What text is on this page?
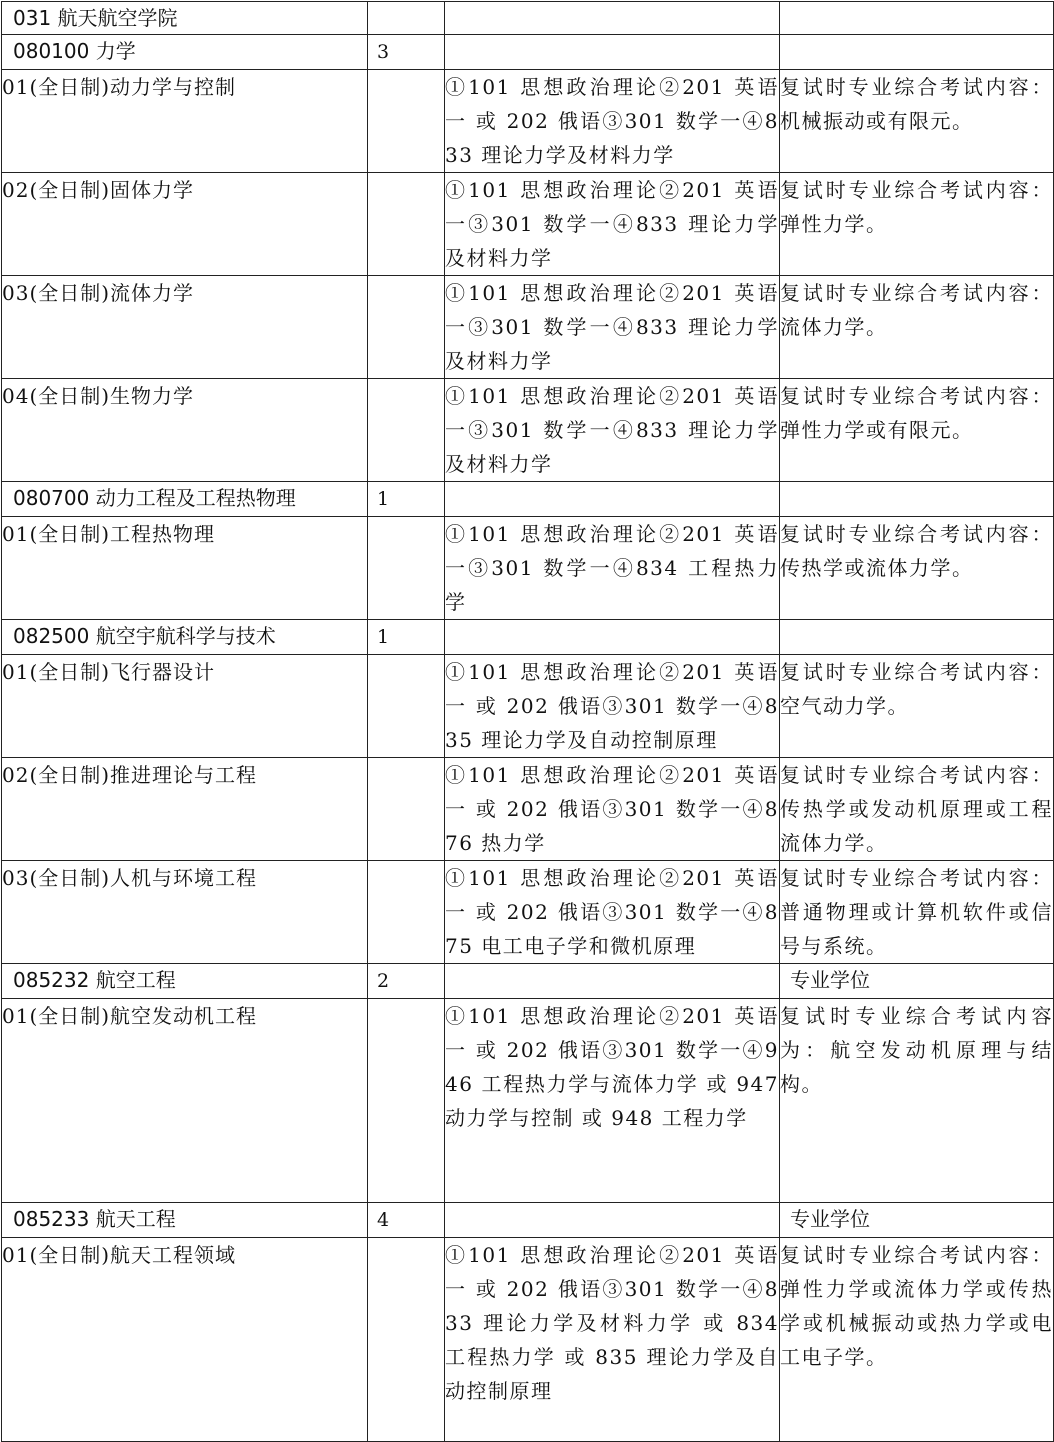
031 航天航空学院			
080100 力学	3		
01(全日制)动力学与控制		①101 思想政治理论②201 英语一 或 202 俄语③301 数学一④833 理论力学及材料力学	复试时专业综合考试内容：机械振动或有限元。
02(全日制)固体力学		①101 思想政治理论②201 英语一③301 数学一④833 理论力学及材料力学	复试时专业综合考试内容：弹性力学。
03(全日制)流体力学		①101 思想政治理论②201 英语一③301 数学一④833 理论力学及材料力学	复试时专业综合考试内容：流体力学。
04(全日制)生物力学		①101 思想政治理论②201 英语一③301 数学一④833 理论力学及材料力学	复试时专业综合考试内容：弹性力学或有限元。
080700 动力工程及工程热物理	1		
01(全日制)工程热物理		①101 思想政治理论②201 英语一③301 数学一④834 工程热力学	复试时专业综合考试内容：传热学或流体力学。
082500 航空宇航科学与技术	1		
01(全日制)飞行器设计		①101 思想政治理论②201 英语一 或 202 俄语③301 数学一④835 理论力学及自动控制原理	复试时专业综合考试内容：空气动力学。
02(全日制)推进理论与工程		①101 思想政治理论②201 英语一 或 202 俄语③301 数学一④876 热力学	复试时专业综合考试内容：传热学或发动机原理或工程流体力学。
03(全日制)人机与环境工程		①101 思想政治理论②201 英语一 或 202 俄语③301 数学一④875 电工电子学和微机原理	复试时专业综合考试内容：普通物理或计算机软件或信号与系统。
085232 航空工程	2		专业学位
01(全日制)航空发动机工程		①101 思想政治理论②201 英语一 或 202 俄语③301 数学一④946 工程热力学与流体力学 或 947 动力学与控制 或 948 工程力学	复试时专业综合考试内容为：航空发动机原理与结构。
085233 航天工程	4		专业学位
01(全日制)航天工程领域		①101 思想政治理论②201 英语一 或 202 俄语③301 数学一④833 理论力学及材料力学 或 834 工程热力学 或 835 理论力学及自动控制原理	复试时专业综合考试内容：弹性力学或流体力学或传热学或机械振动或热力学或电工电子学。
